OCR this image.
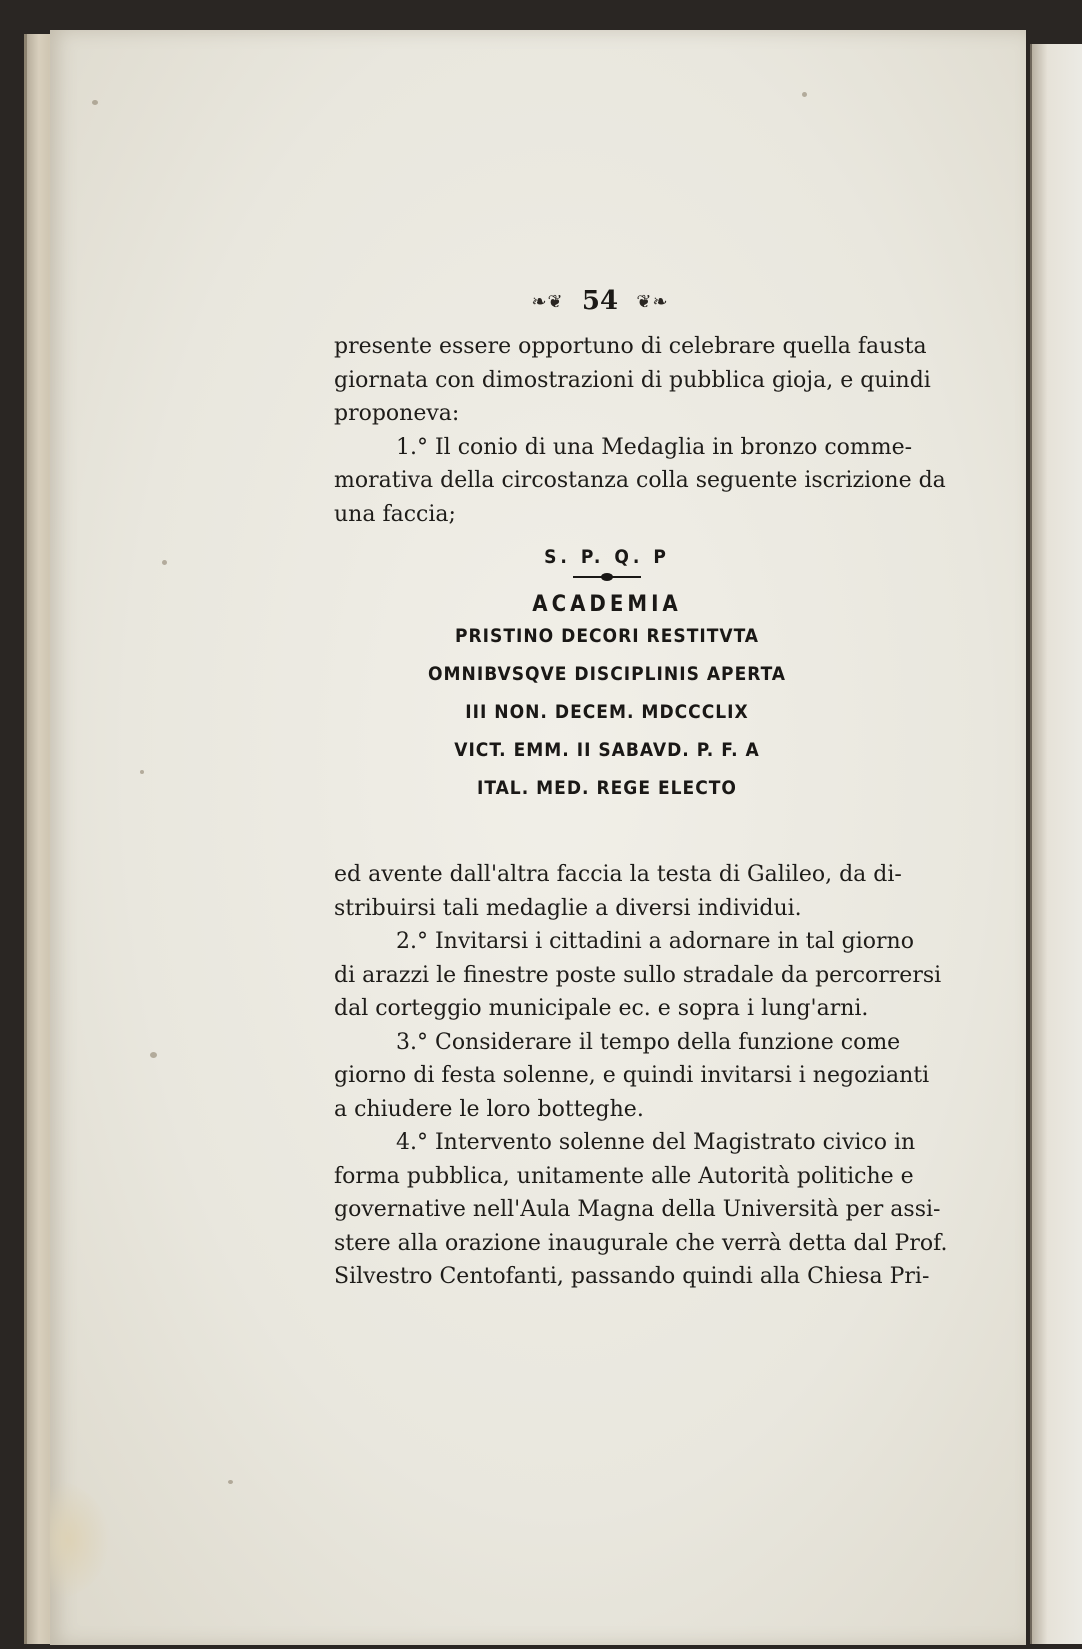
❧❦ 54 ❦❧
presente essere opportuno di celebrare quella fausta
giornata con dimostrazioni di pubblica gioja, e quindi
proponeva:
1.° Il conio di una Medaglia in bronzo comme-
morativa della circostanza colla seguente iscrizione da
una faccia;
S. P. Q. P
ACADEMIA
PRISTINO DECORI RESTITVTA
OMNIBVSQVE DISCIPLINIS APERTA
III NON. DECEM. MDCCCLIX
VICT. EMM. II SABAVD. P. F. A
ITAL. MED. REGE ELECTO
ed avente dall'altra faccia la testa di Galileo, da di-
stribuirsi tali medaglie a diversi individui.
2.° Invitarsi i cittadini a adornare in tal giorno
di arazzi le finestre poste sullo stradale da percorrersi
dal corteggio municipale ec. e sopra i lung'arni.
3.° Considerare il tempo della funzione come
giorno di festa solenne, e quindi invitarsi i negozianti
a chiudere le loro botteghe.
4.° Intervento solenne del Magistrato civico in
forma pubblica, unitamente alle Autorità politiche e
governative nell'Aula Magna della Università per assi-
stere alla orazione inaugurale che verrà detta dal Prof.
Silvestro Centofanti, passando quindi alla Chiesa Pri-
